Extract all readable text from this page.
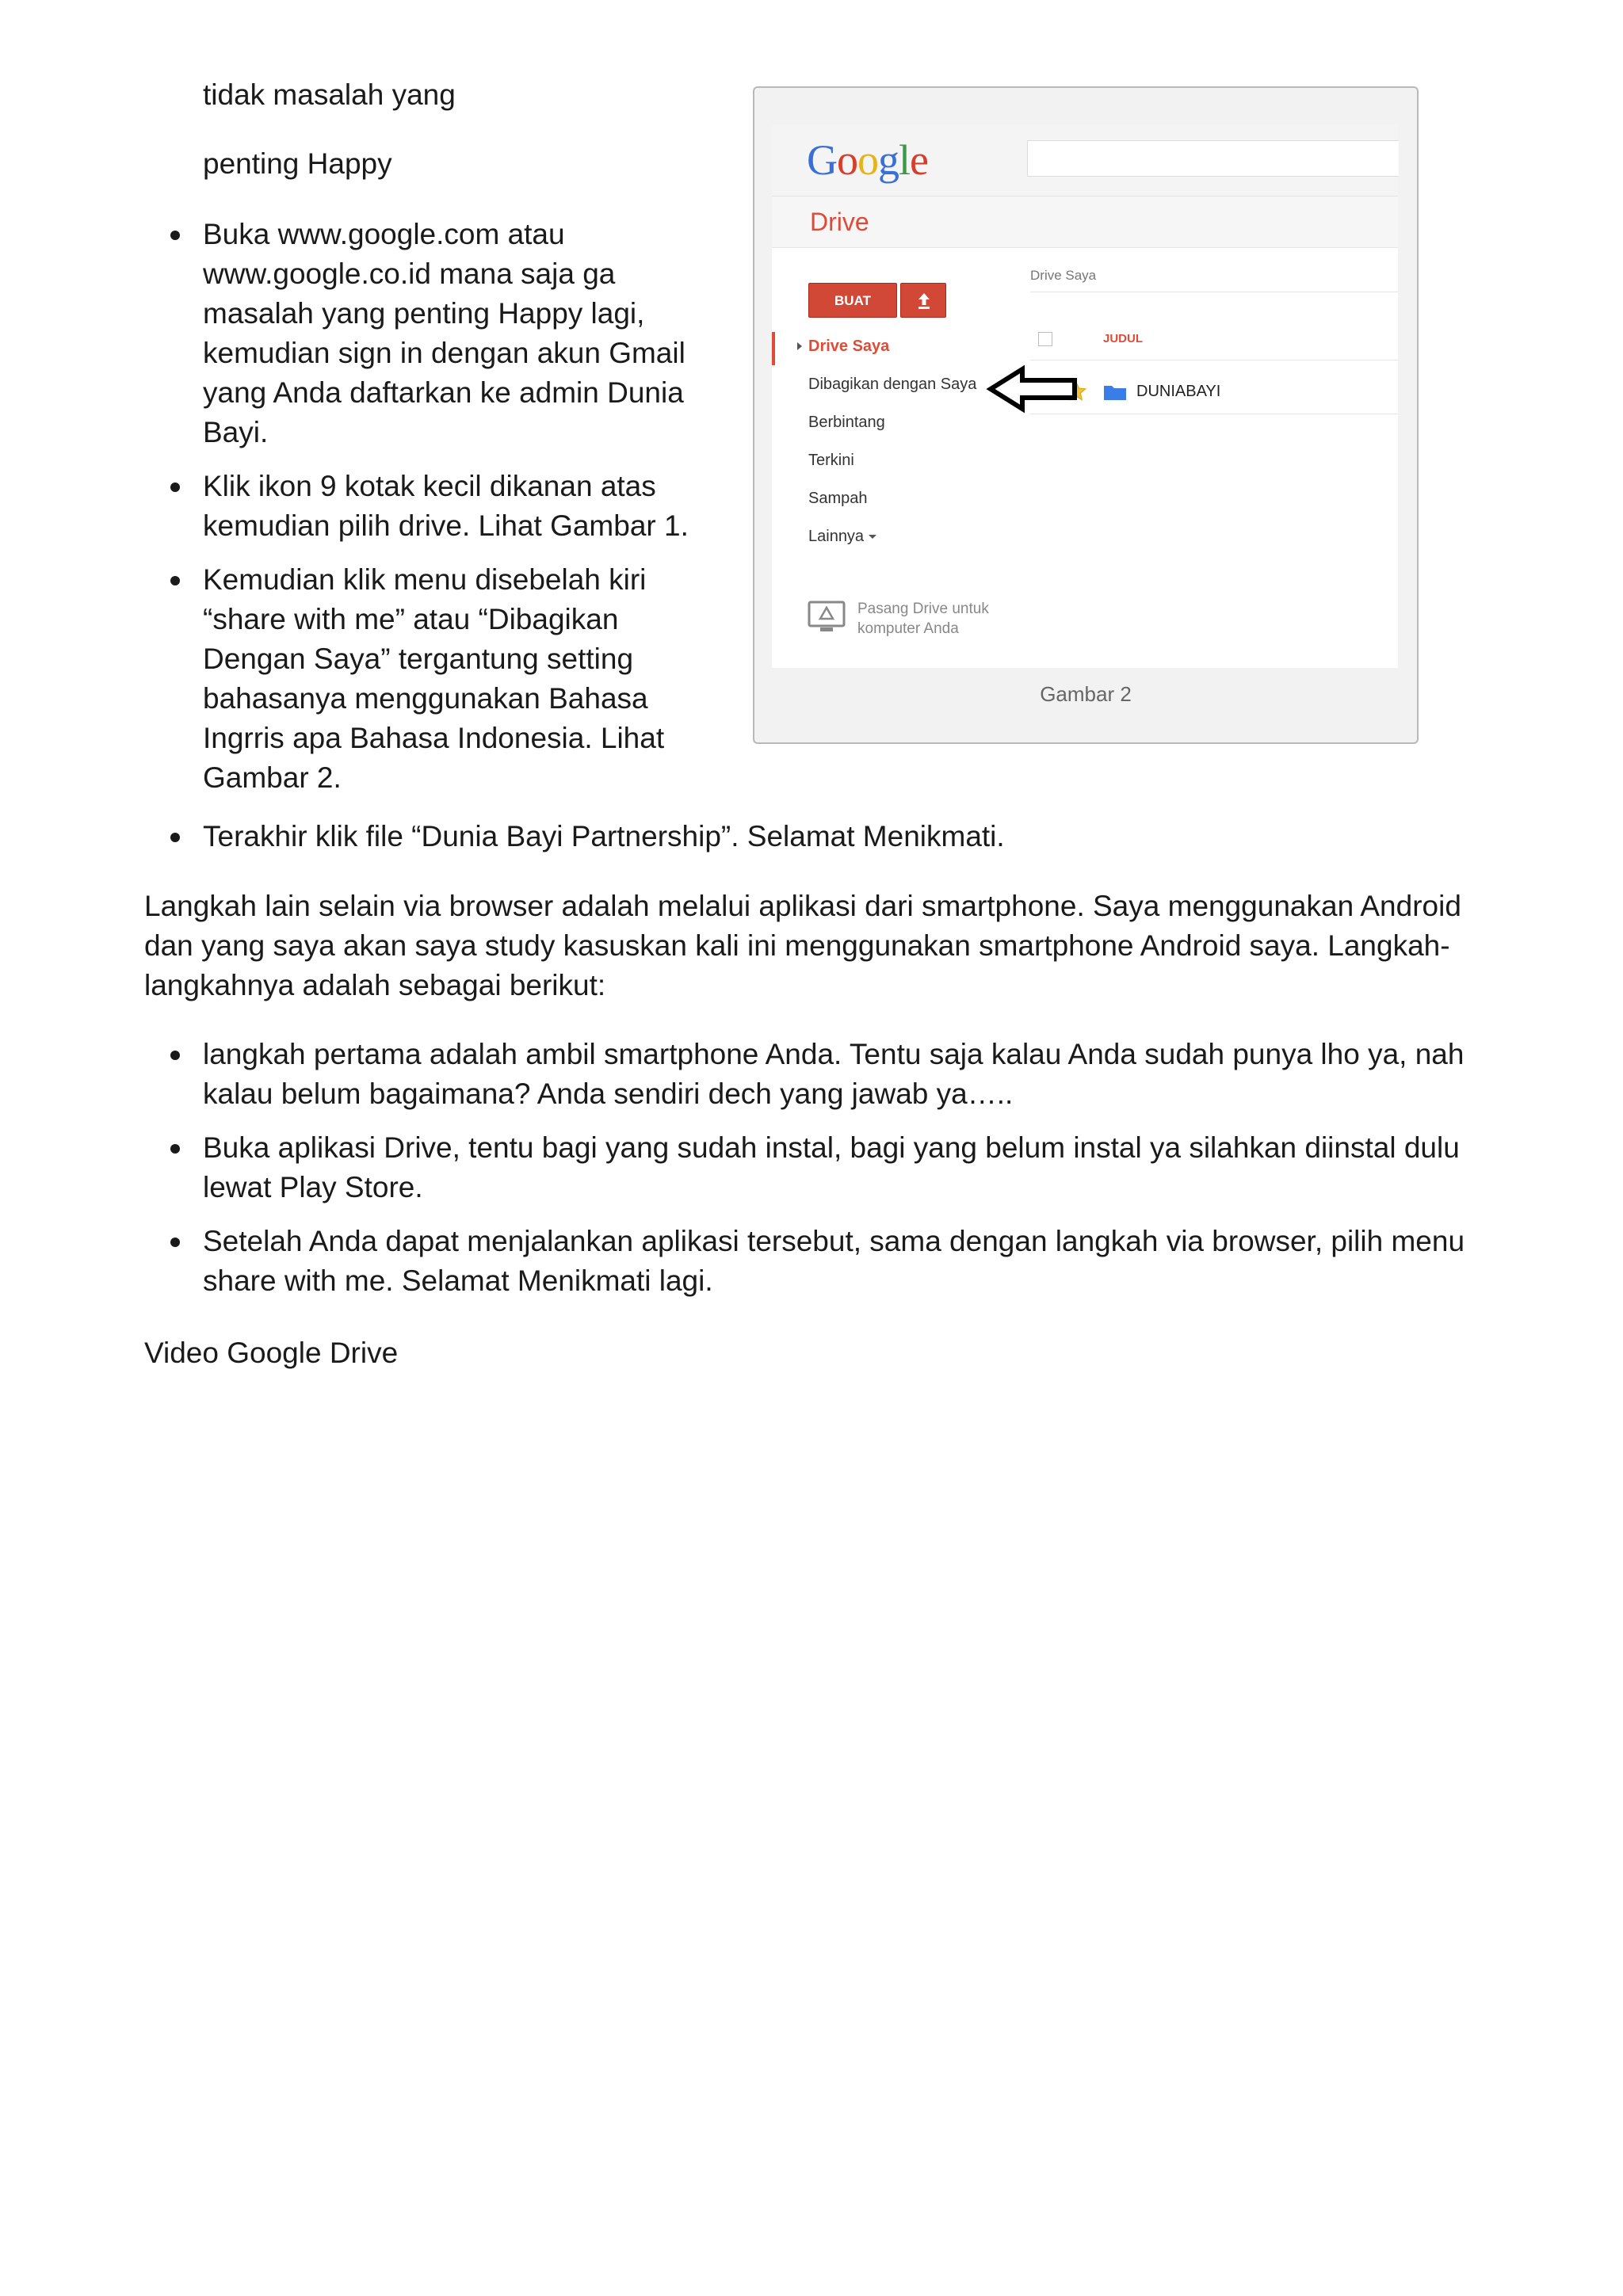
tidak masalah yang
penting Happy
Buka www.google.com atau www.google.co.id mana saja ga masalah yang penting Happy lagi, kemudian sign in dengan akun Gmail yang Anda daftarkan ke admin Dunia Bayi.
Klik ikon 9 kotak kecil dikanan atas kemudian pilih drive. Lihat Gambar 1.
Kemudian klik menu disebelah kiri “share with me” atau “Dibagikan Dengan Saya” tergantung setting bahasanya menggunakan Bahasa Ingrris apa Bahasa Indonesia. Lihat Gambar 2.
Terakhir klik file “Dunia Bayi Partnership”. Selamat Menikmati.

Langkah lain selain via browser adalah melalui aplikasi dari smartphone. Saya menggunakan Android dan yang saya akan saya study kasuskan kali ini menggunakan smartphone Android saya. Langkah-langkahnya adalah sebagai berikut:

langkah pertama adalah ambil smartphone Anda. Tentu saja kalau Anda sudah punya lho ya, nah kalau belum bagaimana? Anda sendiri dech yang jawab ya…..
Buka aplikasi Drive, tentu bagi yang sudah instal, bagi yang belum instal ya silahkan diinstal dulu lewat Play Store.
Setelah Anda dapat menjalankan aplikasi tersebut, sama dengan langkah via browser, pilih menu share with me. Selamat Menikmati lagi.

Video Google Drive

Google
Drive
Drive Saya
BUAT
Drive Saya
Dibagikan dengan Saya
Berbintang
Terkini
Sampah
Lainnya
Pasang Drive untuk
komputer Anda
JUDUL
DUNIABAYI
Gambar 2
